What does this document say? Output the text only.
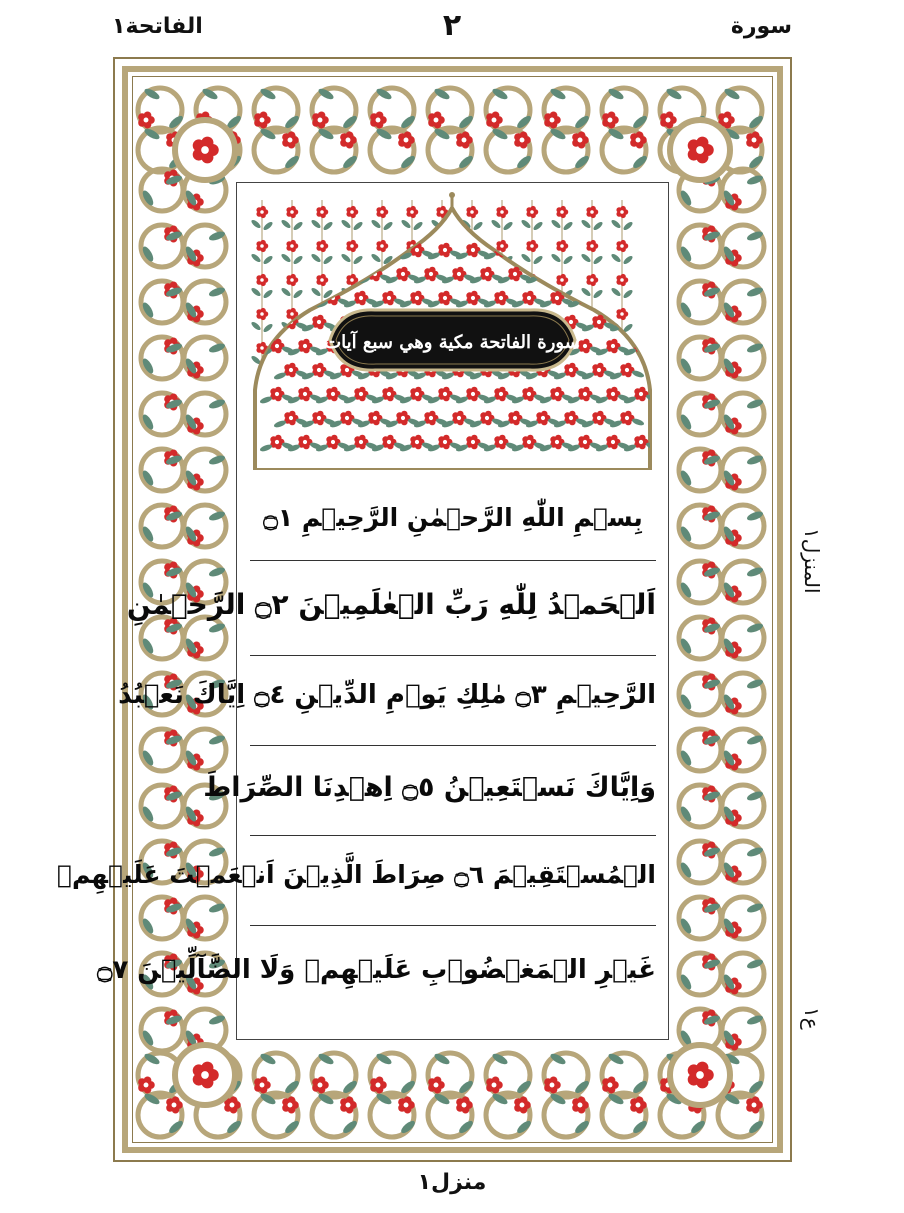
سورة
٢
الفاتحة١
المنزل١
ع١
سورة الفاتحة مكية وهي سبع آيات
بِسۡمِ اللّٰهِ الرَّحۡمٰنِ الرَّحِيۡمِ ۝١
اَلۡحَمۡدُ لِلّٰهِ رَبِّ الۡعٰلَمِيۡنَ ۝٢ الرَّحۡمٰنِ
الرَّحِيۡمِ ۝٣ مٰلِكِ يَوۡمِ الدِّيۡنِ ۝٤ اِيَّاكَ نَعۡبُدُ
وَاِيَّاكَ نَسۡتَعِيۡنُ ۝٥ اِهۡدِنَا الصِّرَاطَ
الۡمُسۡتَقِيۡمَ ۝٦ صِرَاطَ الَّذِيۡنَ اَنۡعَمۡتَ عَلَيۡهِمۡ
غَيۡرِ الۡمَغۡضُوۡبِ عَلَيۡهِمۡ وَلَا الضَّآلِّيۡنَ ۝٧
منزل١
